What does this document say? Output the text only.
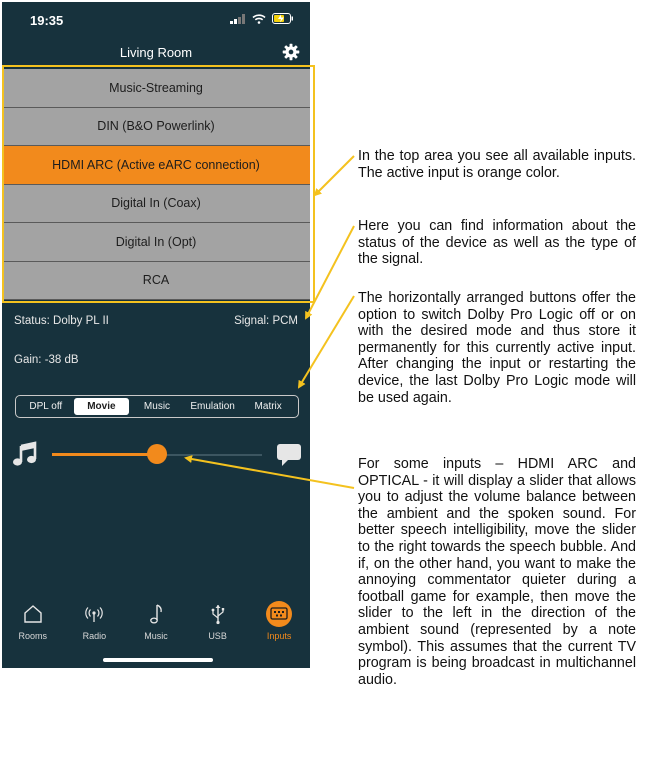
19:35
Living Room
Music-Streaming
DIN (B&O Powerlink)
HDMI ARC (Active eARC connection)
Digital In (Coax)
Digital In (Opt)
RCA
Status: Dolby PL II	Signal: PCM
Gain: -38 dB
DPL off	Movie	Music	Emulation	Matrix
Rooms	Radio	Music	USB	Inputs
In the top area you see all available inputs. The active input is orange color.
Here you can find information about the status of the device as well as the type of the signal.
The horizontally arranged buttons offer the option to switch Dolby Pro Logic off or on with the desired mode and thus store it permanently for this currently active input. After changing the input or restarting the device, the last Dolby Pro Logic mode will be used again.
For some inputs – HDMI ARC and OPTICAL - it will display a slider that allows you to adjust the volume balance between the ambient and the spoken sound. For better speech intelligibility, move the slider to the right towards the speech bubble. And if, on the other hand, you want to make the annoying commentator quieter during a football game for example, then move the slider to the left in the direction of the ambient sound (represented by a note symbol). This assumes that the current TV program is being broadcast in multichannel audio.
